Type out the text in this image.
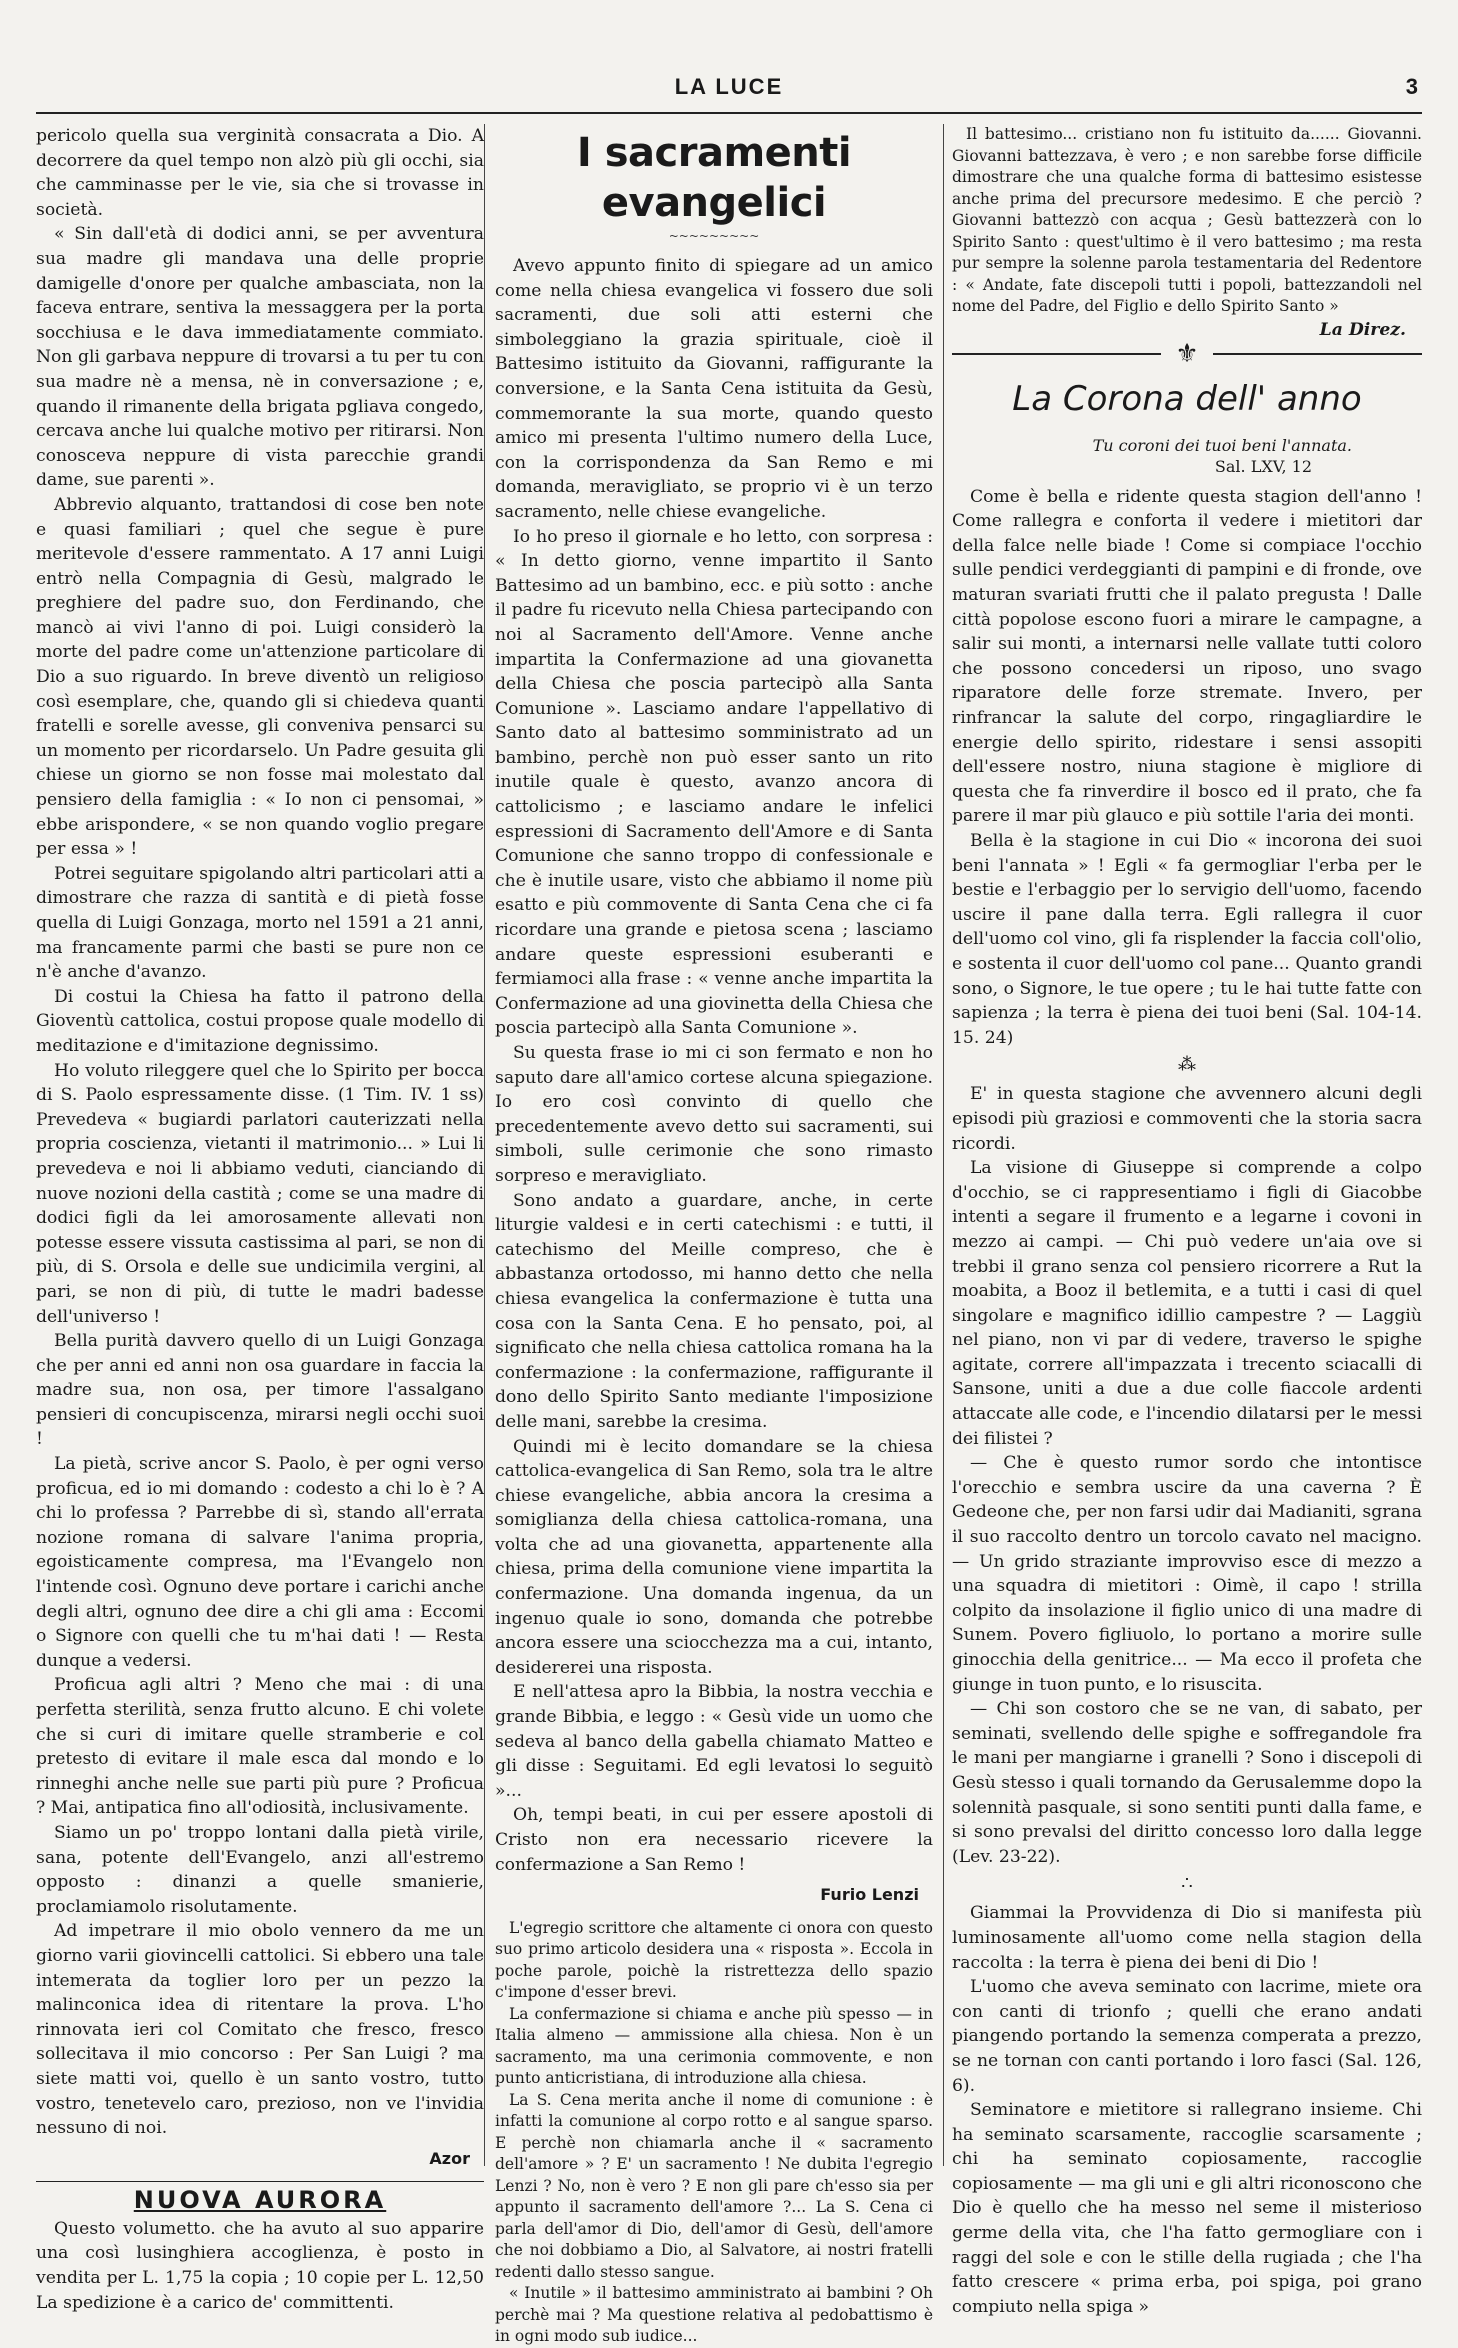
LA LUCE	3

pericolo quella sua verginità consacrata a Dio. A decorrere da quel tempo non alzò più gli occhi, sia che camminasse per le vie, sia che si trovasse in società.

« Sin dall'età di dodici anni, se per avventura sua madre gli mandava una delle proprie damigelle d'onore per qualche ambasciata, non la faceva entrare, sentiva la messaggera per la porta socchiusa e le dava immediatamente commiato. Non gli garbava neppure di trovarsi a tu per tu con sua madre nè a mensa, nè in conversazione ; e, quando il rimanente della brigata pgliava congedo, cercava anche lui qualche motivo per ritirarsi. Non conosceva neppure di vista parecchie grandi dame, sue parenti ».

Abbrevio alquanto, trattandosi di cose ben note e quasi familiari ; quel che segue è pure meritevole d'essere rammentato. A 17 anni Luigi entrò nella Compagnia di Gesù, malgrado le preghiere del padre suo, don Ferdinando, che mancò ai vivi l'anno di poi. Luigi considerò la morte del padre come un'attenzione particolare di Dio a suo riguardo. In breve diventò un religioso così esemplare, che, quando gli si chiedeva quanti fratelli e sorelle avesse, gli conveniva pensarci su un momento per ricordarselo. Un Padre gesuita gli chiese un giorno se non fosse mai molestato dal pensiero della famiglia : « Io non ci pensomai, » ebbe arispondere, « se non quando voglio pregare per essa » !

Potrei seguitare spigolando altri particolari atti a dimostrare che razza di santità e di pietà fosse quella di Luigi Gonzaga, morto nel 1591 a 21 anni, ma francamente parmi che basti se pure non ce n'è anche d'avanzo.

Di costui la Chiesa ha fatto il patrono della Gioventù cattolica, costui propose quale modello di meditazione e d'imitazione degnissimo.

Ho voluto rileggere quel che lo Spirito per bocca di S. Paolo espressamente disse. (1 Tim. IV. 1 ss) Prevedeva « bugiardi parlatori cauterizzati nella propria coscienza, vietanti il matrimonio... » Lui li prevedeva e noi li abbiamo veduti, cianciando di nuove nozioni della castità ; come se una madre di dodici figli da lei amorosamente allevati non potesse essere vissuta castissima al pari, se non di più, di S. Orsola e delle sue undicimila vergini, al pari, se non di più, di tutte le madri badesse dell'universo !

Bella purità davvero quello di un Luigi Gonzaga che per anni ed anni non osa guardare in faccia la madre sua, non osa, per timore l'assalgano pensieri di concupiscenza, mirarsi negli occhi suoi !

La pietà, scrive ancor S. Paolo, è per ogni verso proficua, ed io mi domando : codesto a chi lo è ? A chi lo professa ? Parrebbe di sì, stando all'errata nozione romana di salvare l'anima propria, egoisticamente compresa, ma l'Evangelo non l'intende così. Ognuno deve portare i carichi anche degli altri, ognuno dee dire a chi gli ama : Eccomi o Signore con quelli che tu m'hai dati ! — Resta dunque a vedersi.

Proficua agli altri ? Meno che mai : di una perfetta sterilità, senza frutto alcuno. E chi volete che si curi di imitare quelle stramberie e col pretesto di evitare il male esca dal mondo e lo rinneghi anche nelle sue parti più pure ? Proficua ? Mai, antipatica fino all'odiosità, inclusivamente.

Siamo un po' troppo lontani dalla pietà virile, sana, potente dell'Evangelo, anzi all'estremo opposto : dinanzi a quelle smanierie, proclamiamolo risolutamente.

Ad impetrare il mio obolo vennero da me un giorno varii giovincelli cattolici. Si ebbero una tale intemerata da toglier loro per un pezzo la malinconica idea di ritentare la prova. L'ho rinnovata ieri col Comitato che fresco, fresco sollecitava il mio concorso : Per San Luigi ? ma siete matti voi, quello è un santo vostro, tutto vostro, tenetevelo caro, prezioso, non ve l'invidia nessuno di noi.

Azor
NUOVA AURORA

Questo volumetto. che ha avuto al suo apparire una così lusinghiera accoglienza, è posto in vendita per L. 1,75 la copia ; 10 copie per L. 12,50 La spedizione è a carico de' committenti.

I sacramenti evangelici
~~~~~~~~~

Avevo appunto finito di spiegare ad un amico come nella chiesa evangelica vi fossero due soli sacramenti, due soli atti esterni che simboleggiano la grazia spirituale, cioè il Battesimo istituito da Giovanni, raffigurante la conversione, e la Santa Cena istituita da Gesù, commemorante la sua morte, quando questo amico mi presenta l'ultimo numero della Luce, con la corrispondenza da San Remo e mi domanda, meravigliato, se proprio vi è un terzo sacramento, nelle chiese evangeliche.

Io ho preso il giornale e ho letto, con sorpresa : « In detto giorno, venne impartito il Santo Battesimo ad un bambino, ecc. e più sotto : anche il padre fu ricevuto nella Chiesa partecipando con noi al Sacramento dell'Amore. Venne anche impartita la Confermazione ad una giovanetta della Chiesa che poscia partecipò alla Santa Comunione ». Lasciamo andare l'appellativo di Santo dato al battesimo somministrato ad un bambino, perchè non può esser santo un rito inutile quale è questo, avanzo ancora di cattolicismo ; e lasciamo andare le infelici espressioni di Sacramento dell'Amore e di Santa Comunione che sanno troppo di confessionale e che è inutile usare, visto che abbiamo il nome più esatto e più commovente di Santa Cena che ci fa ricordare una grande e pietosa scena ; lasciamo andare queste espressioni esuberanti e fermiamoci alla frase : « venne anche impartita la Confermazione ad una giovinetta della Chiesa che poscia partecipò alla Santa Comunione ».

Su questa frase io mi ci son fermato e non ho saputo dare all'amico cortese alcuna spiegazione. Io ero così convinto di quello che precedentemente avevo detto sui sacramenti, sui simboli, sulle cerimonie che sono rimasto sorpreso e meravigliato.

Sono andato a guardare, anche, in certe liturgie valdesi e in certi catechismi : e tutti, il catechismo del Meille compreso, che è abbastanza ortodosso, mi hanno detto che nella chiesa evangelica la confermazione è tutta una cosa con la Santa Cena. E ho pensato, poi, al significato che nella chiesa cattolica romana ha la confermazione : la confermazione, raffigurante il dono dello Spirito Santo mediante l'imposizione delle mani, sarebbe la cresima.

Quindi mi è lecito domandare se la chiesa cattolica-evangelica di San Remo, sola tra le altre chiese evangeliche, abbia ancora la cresima a somiglianza della chiesa cattolica-romana, una volta che ad una giovanetta, appartenente alla chiesa, prima della comunione viene impartita la confermazione. Una domanda ingenua, da un ingenuo quale io sono, domanda che potrebbe ancora essere una sciocchezza ma a cui, intanto, desidererei una risposta.

E nell'attesa apro la Bibbia, la nostra vecchia e grande Bibbia, e leggo : « Gesù vide un uomo che sedeva al banco della gabella chiamato Matteo e gli disse : Seguitami. Ed egli levatosi lo seguitò »...

Oh, tempi beati, in cui per essere apostoli di Cristo non era necessario ricevere la confermazione a San Remo !

Furio Lenzi

L'egregio scrittore che altamente ci onora con questo suo primo articolo desidera una « risposta ». Eccola in poche parole, poichè la ristrettezza dello spazio c'impone d'esser brevi.

La confermazione si chiama e anche più spesso — in Italia almeno — ammissione alla chiesa. Non è un sacramento, ma una cerimonia commovente, e non punto anticristiana, di introduzione alla chiesa.

La S. Cena merita anche il nome di comunione : è infatti la comunione al corpo rotto e al sangue sparso. E perchè non chiamarla anche il « sacramento dell'amore » ? E' un sacramento ! Ne dubita l'egregio Lenzi ? No, non è vero ? E non gli pare ch'esso sia per appunto il sacramento dell'amore ?... La S. Cena ci parla dell'amor di Dio, dell'amor di Gesù, dell'amore che noi dobbiamo a Dio, al Salvatore, ai nostri fratelli redenti dallo stesso sangue.

« Inutile » il battesimo amministrato ai bambini ? Oh perchè mai ? Ma questione relativa al pedobattismo è in ogni modo sub iudice...

Il battesimo... cristiano non fu istituito da...... Giovanni. Giovanni battezzava, è vero ; e non sarebbe forse difficile dimostrare che una qualche forma di battesimo esistesse anche prima del precursore medesimo. E che perciò ? Giovanni battezzò con acqua ; Gesù battezzerà con lo Spirito Santo : quest'ultimo è il vero battesimo ; ma resta pur sempre la solenne parola testamentaria del Redentore : « Andate, fate discepoli tutti i popoli, battezzandoli nel nome del Padre, del Figlio e dello Spirito Santo »

La Direz.
⚜
La Corona dell' anno
Tu coroni dei tuoi beni l'annata.
Sal. LXV, 12

Come è bella e ridente questa stagion dell'anno ! Come rallegra e conforta il vedere i mietitori dar della falce nelle biade ! Come si compiace l'occhio sulle pendici verdeggianti di pampini e di fronde, ove maturan svariati frutti che il palato pregusta ! Dalle città popolose escono fuori a mirare le campagne, a salir sui monti, a internarsi nelle vallate tutti coloro che possono concedersi un riposo, uno svago riparatore delle forze stremate. Invero, per rinfrancar la salute del corpo, ringagliardire le energie dello spirito, ridestare i sensi assopiti dell'essere nostro, niuna stagione è migliore di questa che fa rinverdire il bosco ed il prato, che fa parere il mar più glauco e più sottile l'aria dei monti.

Bella è la stagione in cui Dio « incorona dei suoi beni l'annata » ! Egli « fa germogliar l'erba per le bestie e l'erbaggio per lo servigio dell'uomo, facendo uscire il pane dalla terra. Egli rallegra il cuor dell'uomo col vino, gli fa risplender la faccia coll'olio, e sostenta il cuor dell'uomo col pane... Quanto grandi sono, o Signore, le tue opere ; tu le hai tutte fatte con sapienza ; la terra è piena dei tuoi beni (Sal. 104-14. 15. 24)

⁂

E' in questa stagione che avvennero alcuni degli episodi più graziosi e commoventi che la storia sacra ricordi.

La visione di Giuseppe si comprende a colpo d'occhio, se ci rappresentiamo i figli di Giacobbe intenti a segare il frumento e a legarne i covoni in mezzo ai campi. — Chi può vedere un'aia ove si trebbi il grano senza col pensiero ricorrere a Rut la moabita, a Booz il betlemita, e a tutti i casi di quel singolare e magnifico idillio campestre ? — Laggiù nel piano, non vi par di vedere, traverso le spighe agitate, correre all'impazzata i trecento sciacalli di Sansone, uniti a due a due colle fiaccole ardenti attaccate alle code, e l'incendio dilatarsi per le messi dei filistei ?

— Che è questo rumor sordo che intontisce l'orecchio e sembra uscire da una caverna ? È Gedeone che, per non farsi udir dai Madianiti, sgrana il suo raccolto dentro un torcolo cavato nel macigno.— Un grido straziante improvviso esce di mezzo a una squadra di mietitori : Oimè, il capo ! strilla colpito da insolazione il figlio unico di una madre di Sunem. Povero figliuolo, lo portano a morire sulle ginocchia della genitrice... — Ma ecco il profeta che giunge in tuon punto, e lo risuscita.

— Chi son costoro che se ne van, di sabato, per seminati, svellendo delle spighe e soffregandole fra le mani per mangiarne i granelli ? Sono i discepoli di Gesù stesso i quali tornando da Gerusalemme dopo la solennità pasquale, si sono sentiti punti dalla fame, e si sono prevalsi del diritto concesso loro dalla legge (Lev. 23-22).

∴

Giammai la Provvidenza di Dio si manifesta più luminosamente all'uomo come nella stagion della raccolta : la terra è piena dei beni di Dio !

L'uomo che aveva seminato con lacrime, miete ora con canti di trionfo ; quelli che erano andati piangendo portando la semenza comperata a prezzo, se ne tornan con canti portando i loro fasci (Sal. 126, 6).

Seminatore e mietitore si rallegrano insieme. Chi ha seminato scarsamente, raccoglie scarsamente ; chi ha seminato copiosamente, raccoglie copiosamente — ma gli uni e gli altri riconoscono che Dio è quello che ha messo nel seme il misterioso germe della vita, che l'ha fatto germogliare con i raggi del sole e con le stille della rugiada ; che l'ha fatto crescere « prima erba, poi spiga, poi grano compiuto nella spiga »
